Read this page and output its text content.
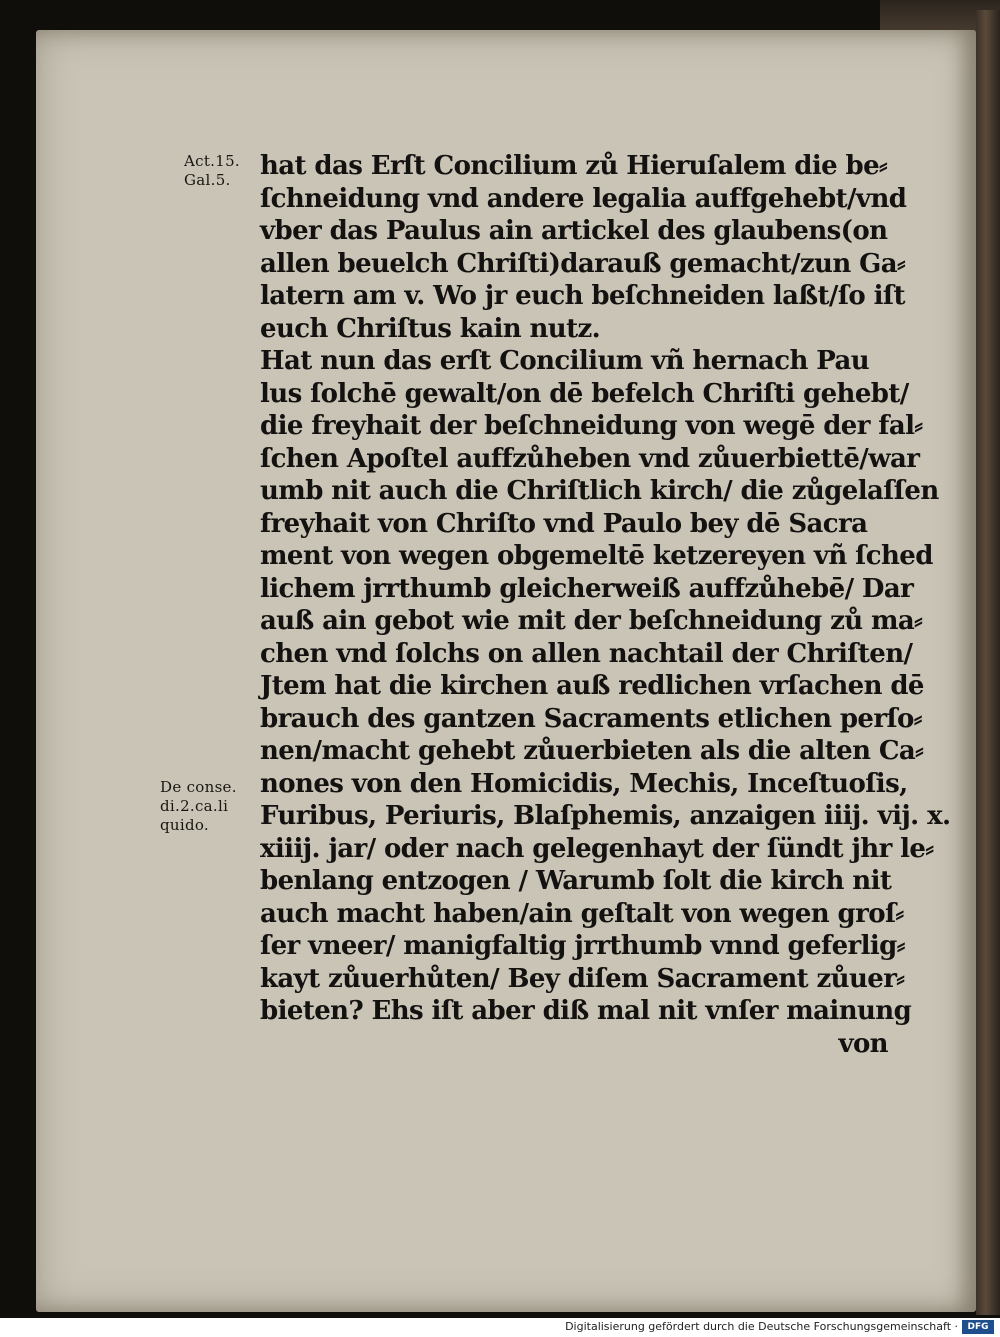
Act.15.
Gal.5.
De conse.
di.2.ca.li
quido.
hat das Erſt Concilium zů Hieruſalem die be⸗
ſchneidung vnd andere legalia auffgehebt/vnd
vber das Paulus ain artickel des glaubens(on
allen beuelch Chriſti)darauß gemacht/zun Ga⸗
latern am v. Wo jr euch beſchneiden laßt/ſo iſt
euch Chriſtus kain nutz.
Hat nun das erſt Concilium vñ hernach Pau
lus ſolchē gewalt/on dē befelch Chriſti gehebt/
die freyhait der beſchneidung von wegē der fal⸗
ſchen Apoſtel auffzůheben vnd zůuerbiettē/war
umb nit auch die Chriſtlich kirch/ die zůgelaſſen
freyhait von Chriſto vnd Paulo bey dē Sacra
ment von wegen obgemeltē ketzereyen vñ ſched
lichem jrrthumb gleicherweiß auffzůhebē/ Dar
auß ain gebot wie mit der beſchneidung zů ma⸗
chen vnd ſolchs on allen nachtail der Chriſten/
Jtem hat die kirchen auß redlichen vrſachen dē
brauch des gantzen Sacraments etlichen perſo⸗
nen/macht gehebt zůuerbieten als die alten Ca⸗
nones von den Homicidis, Mechis, Inceſtuoſis,
Furibus, Periuris, Blaſphemis, anzaigen iiij. vij. x.
xiiij. jar/ oder nach gelegenhayt der ſündt jhr le⸗
benlang entzogen / Warumb ſolt die kirch nit
auch macht haben/ain geſtalt von wegen groſ⸗
ſer vneer/ manigfaltig jrrthumb vnnd geferlig⸗
kayt zůuerhůten/ Bey diſem Sacrament zůuer⸗
bieten? Ehs iſt aber diß mal nit vnſer mainung
von
Digitalisierung gefördert durch die Deutsche Forschungsgemeinschaft ·	DFG
